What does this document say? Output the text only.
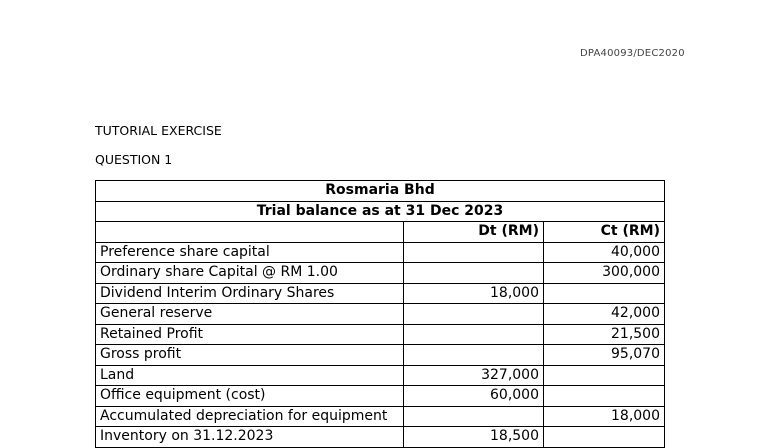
DPA40093/DEC2020
TUTORIAL EXERCISE
QUESTION 1
Rosmaria Bhd		
Trial balance as at 31 Dec 2023		
	Dt (RM)	Ct (RM)
Preference share capital		40,000
Ordinary share Capital @ RM 1.00		300,000
Dividend Interim Ordinary Shares	18,000	
General reserve		42,000
Retained Profit		21,500
Gross profit		95,070
Land	327,000	
Office equipment (cost)	60,000	
Accumulated depreciation for equipment		18,000
Inventory on 31.12.2023	18,500	
